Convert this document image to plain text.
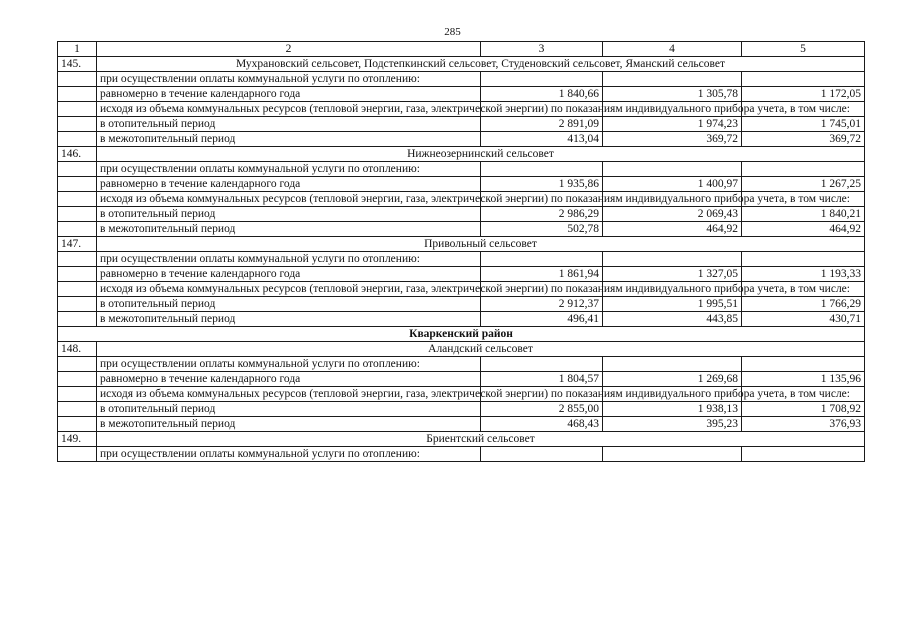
285
1	2	3	4	5
145.	Мухрановский сельсовет, Подстепкинский сельсовет, Студеновский сельсовет, Яманский сельсовет			
	при осуществлении оплаты коммунальной услуги по отоплению:			
	равномерно в течение календарного года	1 840,66	1 305,78	1 172,05
	исходя из объема коммунальных ресурсов (тепловой энергии, газа, электрической энергии) по показаниям индивидуального прибора учета, в том числе:			
	в отопительный период	2 891,09	1 974,23	1 745,01
	в межотопительный период	413,04	369,72	369,72
146.	Нижнеозернинский сельсовет			
	при осуществлении оплаты коммунальной услуги по отоплению:			
	равномерно в течение календарного года	1 935,86	1 400,97	1 267,25
	исходя из объема коммунальных ресурсов (тепловой энергии, газа, электрической энергии) по показаниям индивидуального прибора учета, в том числе:			
	в отопительный период	2 986,29	2 069,43	1 840,21
	в межотопительный период	502,78	464,92	464,92
147.	Привольный сельсовет			
	при осуществлении оплаты коммунальной услуги по отоплению:			
	равномерно в течение календарного года	1 861,94	1 327,05	1 193,33
	исходя из объема коммунальных ресурсов (тепловой энергии, газа, электрической энергии) по показаниям индивидуального прибора учета, в том числе:			
	в отопительный период	2 912,37	1 995,51	1 766,29
	в межотопительный период	496,41	443,85	430,71
Кваркенский район				
148.	Аландский сельсовет			
	при осуществлении оплаты коммунальной услуги по отоплению:			
	равномерно в течение календарного года	1 804,57	1 269,68	1 135,96
	исходя из объема коммунальных ресурсов (тепловой энергии, газа, электрической энергии) по показаниям индивидуального прибора учета, в том числе:			
	в отопительный период	2 855,00	1 938,13	1 708,92
	в межотопительный период	468,43	395,23	376,93
149.	Бриентский сельсовет			
	при осуществлении оплаты коммунальной услуги по отоплению:			
